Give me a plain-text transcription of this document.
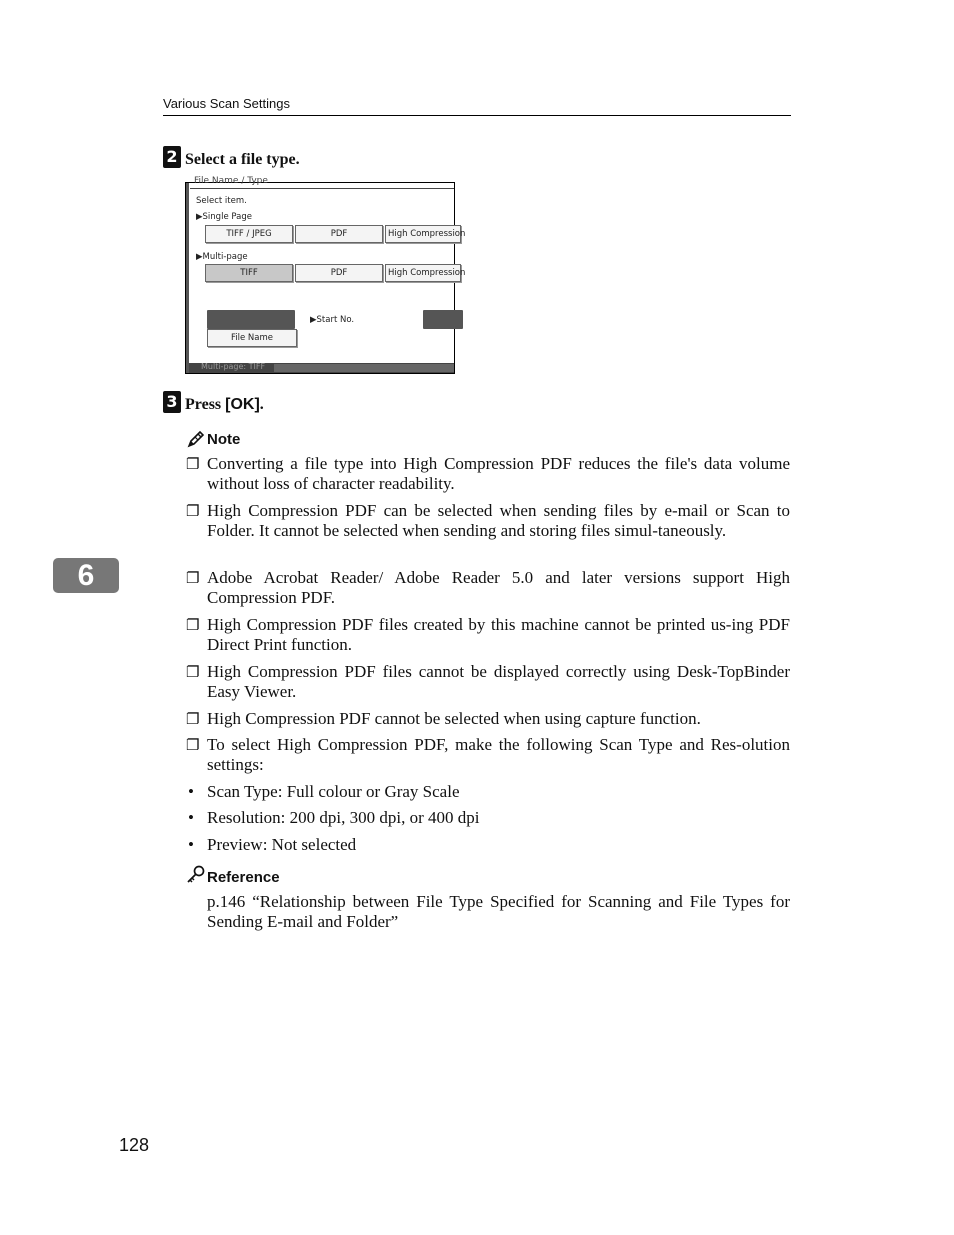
Various Scan Settings
2 Select a file type.
File Name / Type
Select item.
▶Single Page
TIFF / JPEG	PDF	High Compression
▶Multi-page
TIFF	PDF	High Compression
▶Start No.
File Name
Multi-page: TIFF
3 Press [OK].
Note
❐ Converting a file type into High Compression PDF reduces the file's data volume without loss of character readability.
❐ High Compression PDF can be selected when sending files by e-mail or Scan to Folder. It cannot be selected when sending and storing files simul-taneously.
❐ Adobe Acrobat Reader/ Adobe Reader 5.0 and later versions support High Compression PDF.
❐ High Compression PDF files created by this machine cannot be printed us-ing PDF Direct Print function.
❐ High Compression PDF files cannot be displayed correctly using Desk-TopBinder Easy Viewer.
❐ High Compression PDF cannot be selected when using capture function.
❐ To select High Compression PDF, make the following Scan Type and Res-olution settings:
• Scan Type: Full colour or Gray Scale
• Resolution: 200 dpi, 300 dpi, or 400 dpi
• Preview: Not selected
Reference
p.146 “Relationship between File Type Specified for Scanning and File Types for Sending E-mail and Folder”
6
128
